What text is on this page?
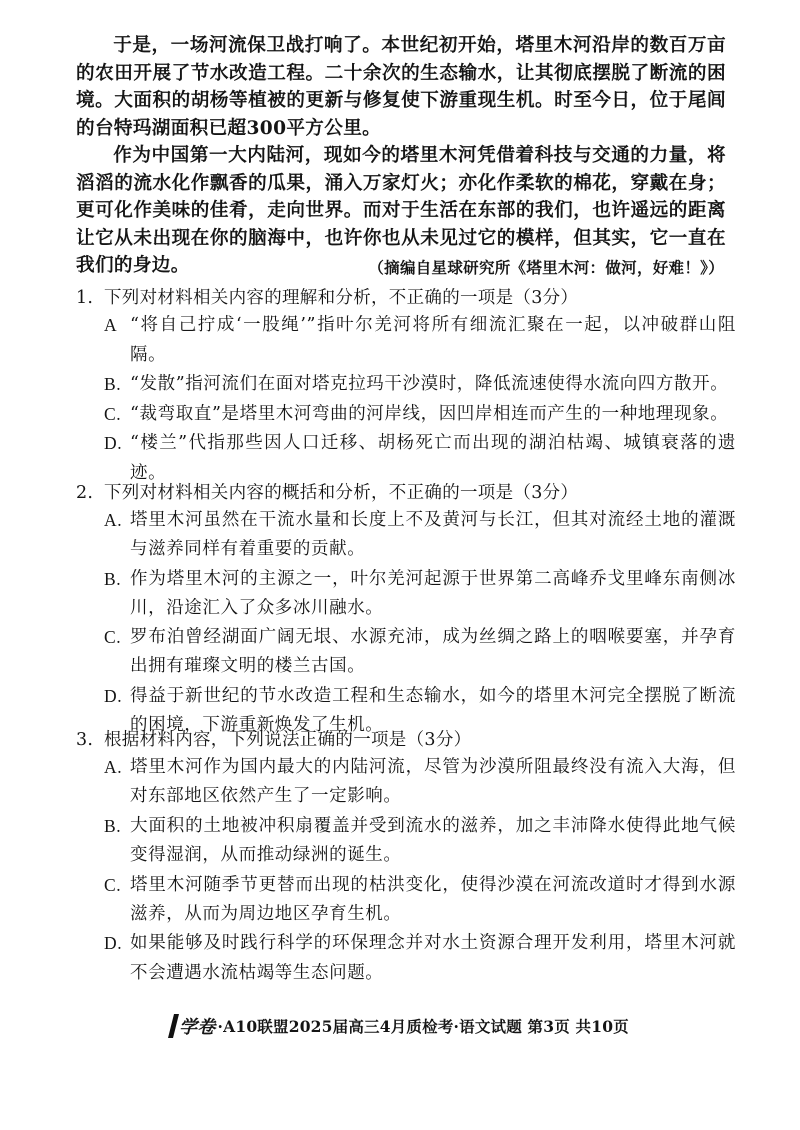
于是，一场河流保卫战打响了。本世纪初开始，塔里木河沿岸的数百万亩的农田开展了节水改造工程。二十余次的生态输水，让其彻底摆脱了断流的困境。大面积的胡杨等植被的更新与修复使下游重现生机。时至今日，位于尾闾的台特玛湖面积已超300平方公里。

作为中国第一大内陆河，现如今的塔里木河凭借着科技与交通的力量，将滔滔的流水化作飘香的瓜果，涌入万家灯火；亦化作柔软的棉花，穿戴在身；更可化作美味的佳肴，走向世界。而对于生活在东部的我们，也许遥远的距离让它从未出现在你的脑海中，也许你也从未见过它的模样，但其实，它一直在我们的身边。	（摘编自星球研究所《塔里木河：做河，好难！》）

1. 下列对材料相关内容的理解和分析，不正确的一项是（3分）
A “将自己拧成‘一股绳’”指叶尔羌河将所有细流汇聚在一起，以冲破群山阻隔。
B. “发散”指河流们在面对塔克拉玛干沙漠时，降低流速使得水流向四方散开。
C. “裁弯取直”是塔里木河弯曲的河岸线，因凹岸相连而产生的一种地理现象。
D. “楼兰”代指那些因人口迁移、胡杨死亡而出现的湖泊枯竭、城镇衰落的遗迹。
2. 下列对材料相关内容的概括和分析，不正确的一项是（3分）
A. 塔里木河虽然在干流水量和长度上不及黄河与长江，但其对流经土地的灌溉与滋养同样有着重要的贡献。
B. 作为塔里木河的主源之一，叶尔羌河起源于世界第二高峰乔戈里峰东南侧冰川，沿途汇入了众多冰川融水。
C. 罗布泊曾经湖面广阔无垠、水源充沛，成为丝绸之路上的咽喉要塞，并孕育出拥有璀璨文明的楼兰古国。
D. 得益于新世纪的节水改造工程和生态输水，如今的塔里木河完全摆脱了断流的困境，下游重新焕发了生机。
3. 根据材料内容，下列说法正确的一项是（3分）
A. 塔里木河作为国内最大的内陆河流，尽管为沙漠所阻最终没有流入大海，但对东部地区依然产生了一定影响。
B. 大面积的土地被冲积扇覆盖并受到流水的滋养，加之丰沛降水使得此地气候变得湿润，从而推动绿洲的诞生。
C. 塔里木河随季节更替而出现的枯洪变化，使得沙漠在河流改道时才得到水源滋养，从而为周边地区孕育生机。
D. 如果能够及时践行科学的环保理念并对水土资源合理开发利用，塔里木河就不会遭遇水流枯竭等生态问题。
学卷 ·A10联盟2025届高三4月质检考·语文试题 第3页 共10页
